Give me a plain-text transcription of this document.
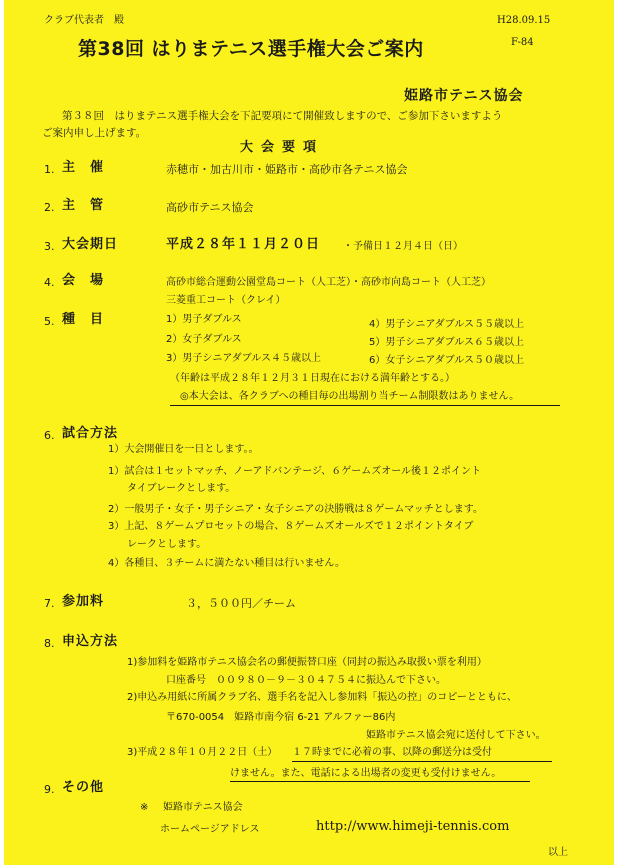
クラブ代表者　殿	H28.09.15
F-84
第38回 はりまテニス選手権大会ご案内
姫路市テニス協会
第３８回　はりまテニス選手権大会を下記要項にて開催致しますので、ご参加下さいますよう
ご案内申し上げます。
大会要項
1. 主　催	赤穂市・加古川市・姫路市・高砂市各テニス協会
2. 主　管	高砂市テニス協会
3. 大会期日	平成２８年１１月２０日 ・予備日１２月４日（日）
4. 会　場	高砂市総合運動公園堂島コート（人工芝）・高砂市向島コート（人工芝）
三菱重工コート（クレイ）
5. 種　目	1）男子ダブルス
2）女子ダブルス
3）男子シニアダブルス４５歳以上
4）男子シニアダブルス５５歳以上
5）男子シニアダブルス６５歳以上
6）女子シニアダブルス５０歳以上
（年齢は平成２８年１２月３１日現在における満年齢とする。）
◎本大会は、各クラブへの種目毎の出場割り当チーム制限数はありません。
6. 試合方法
1）大会開催日を一日とします。。
1）試合は１セットマッチ、ノーアドバンテージ、６ゲームズオール後１２ポイント
タイブレークとします。
2）一般男子・女子・男子シニア・女子シニアの決勝戦は８ゲームマッチとします。
3）上記、８ゲームプロセットの場合、８ゲームズオールズで１２ポイントタイブ
レークとします。
4）各種目、３チームに満たない種目は行いません。
7. 参加料	３，５００円／チーム
8. 申込方法
1)参加料を姫路市テニス協会名の郵便振替口座（同封の振込み取扱い票を利用）
口座番号　００９８０－９－３０４７５４に振込んで下さい。
2)申込み用紙に所属クラブ名、選手名を記入し参加料「振込の控」のコピーとともに、
〒670-0054　姫路市南今宿 6-21 アルファー86内
姫路市テニス協会宛に送付して下さい。
3)平成２８年１０月２２日（土） １７時までに必着の事、以降の郵送分は受付
けません。また、電話による出場者の変更も受付けません。
9. その他
※ 姫路市テニス協会
ホームページアドレス	http://www.himeji-tennis.com
以上
